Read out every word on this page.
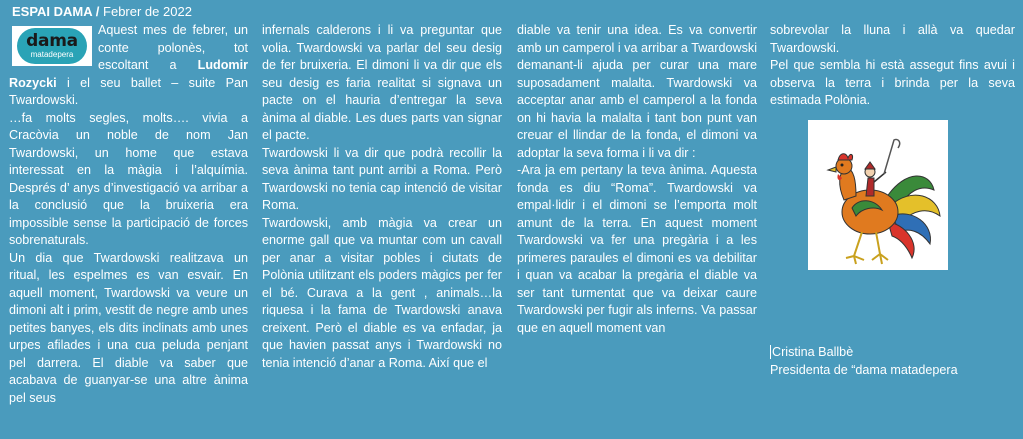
ESPAI DAMA / Febrer de 2022

dama
matadepera
Aquest mes de febrer, un conte polonès, tot escoltant a Ludomir Rozycki i el seu ballet – suite Pan Twardowski.

…fa molts segles, molts…. vivia a Cracòvia un noble de nom Jan Twardowski, un home que estava interessat en la màgia i l’alquímia. Després d’ anys d’investigació va arribar a la conclusió que la bruixeria era impossible sense la participació de forces sobrenaturals.

Un dia que Twardowski realitzava un ritual, les espelmes es van esvair. En aquell moment, Twardowski va veure un dimoni alt i prim, vestit de negre amb unes petites banyes, els dits inclinats amb unes urpes afilades i una cua peluda penjant pel darrera. El diable va saber que acabava de guanyar-se una altre ànima pel seus

infernals calderons i li va preguntar que volia. Twardowski va parlar del seu desig de fer bruixeria. El dimoni li va dir que els seu desig es faria realitat si signava un pacte on el hauria d’entregar la seva ànima al diable. Les dues parts van signar el pacte.

Twardowski li va dir que podrà recollir la seva ànima tant punt arribi a Roma. Però Twardowski no tenia cap intenció de visitar Roma.

Twardowski, amb màgia va crear un enorme gall que va muntar com un cavall per anar a visitar pobles i ciutats de Polònia utilitzant els poders màgics per fer el bé. Curava a la gent , animals…la riquesa i la fama de Twardowski anava creixent. Però el diable es va enfadar, ja que havien passat anys i Twardowski no tenia intenció d’anar a Roma. Així que el

diable va tenir una idea. Es va convertir amb un camperol i va arribar a Twardowski demanant-li ajuda per curar una mare suposadament malalta. Twardowski va acceptar anar amb el camperol a la fonda on hi havia la malalta i tant bon punt van creuar el llindar de la fonda, el dimoni va adoptar la seva forma i li va dir :

-Ara ja em pertany la teva ànima. Aquesta fonda es diu “Roma”. Twardowski va empal·lidir i el dimoni se l’emporta molt amunt de la terra. En aquest moment Twardowski va fer una pregària i a les primeres paraules el dimoni es va debilitar i quan va acabar la pregària el diable va ser tant turmentat que va deixar caure Twardowski per fugir als inferns. Va passar que en aquell moment van

sobrevolar la lluna i allà va quedar Twardowski.

Pel que sembla hi està assegut fins avui i observa la terra i brinda per la seva estimada Polònia.

Cristina Ballbè

Presidenta de “dama matadepera
